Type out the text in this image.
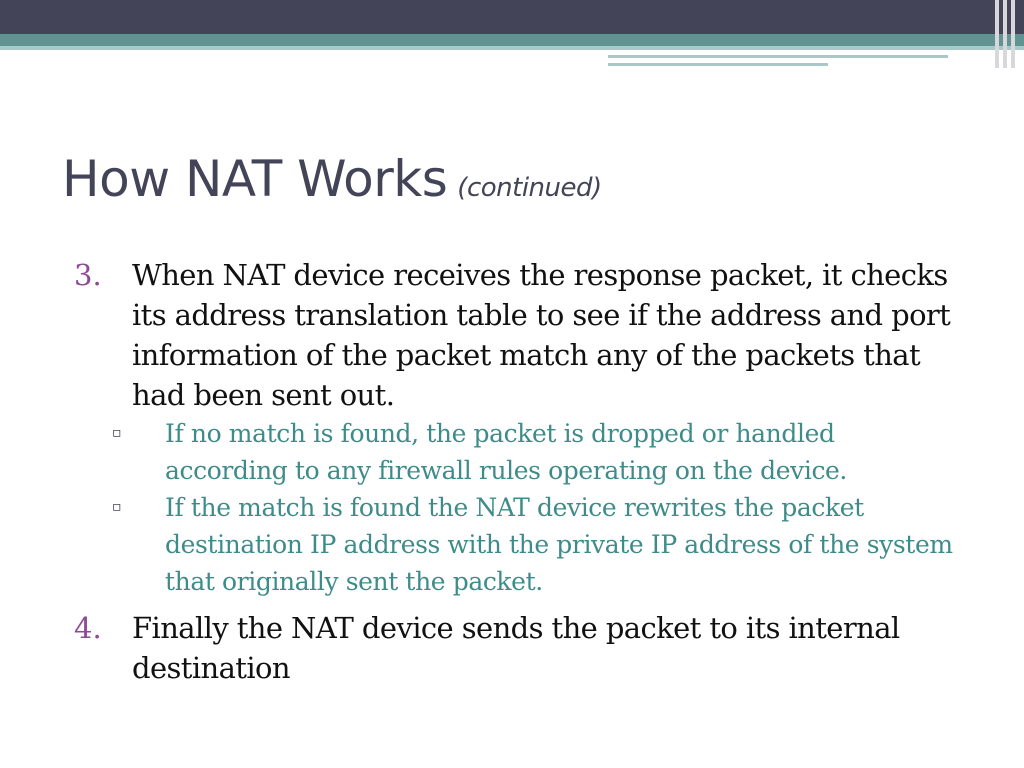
How NAT Works (continued)
3. When NAT device receives the response packet, it checks its address translation table to see if the address and port information of the packet match any of the packets that had been sent out.
▫ If no match is found, the packet is dropped or handled according to any firewall rules operating on the device.
▫ If the match is found the NAT device rewrites the packet destination IP address with the private IP address of the system that originally sent the packet.
4. Finally the NAT device sends the packet to its internal destination
